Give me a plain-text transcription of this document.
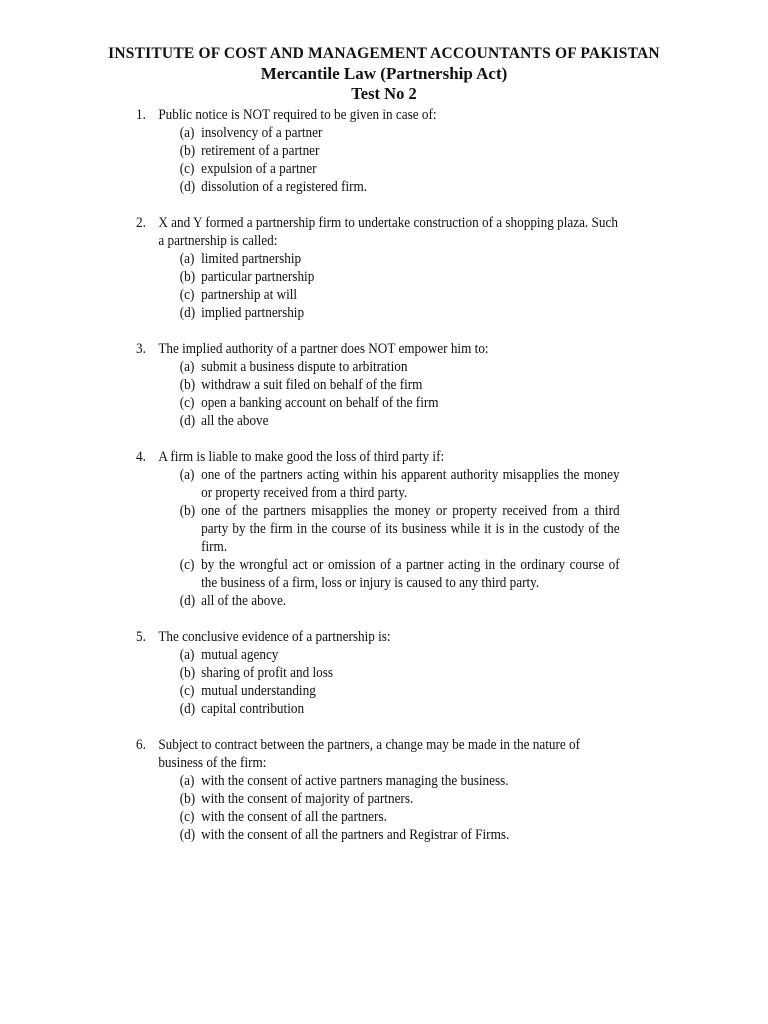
INSTITUTE OF COST AND MANAGEMENT ACCOUNTANTS OF PAKISTAN
Mercantile Law (Partnership Act)
Test No 2
1. Public notice is NOT required to be given in case of:
(a) insolvency of a partner
(b) retirement of a partner
(c) expulsion of a partner
(d) dissolution of a registered firm.
2. X and Y formed a partnership firm to undertake construction of a shopping plaza. Such a partnership is called:
(a) limited partnership
(b) particular partnership
(c) partnership at will
(d) implied partnership
3. The implied authority of a partner does NOT empower him to:
(a) submit a business dispute to arbitration
(b) withdraw a suit filed on behalf of the firm
(c) open a banking account on behalf of the firm
(d) all the above
4. A firm is liable to make good the loss of third party if:
(a) one of the partners acting within his apparent authority misapplies the money or property received from a third party.
(b) one of the partners misapplies the money or property received from a third party by the firm in the course of its business while it is in the custody of the firm.
(c) by the wrongful act or omission of a partner acting in the ordinary course of the business of a firm, loss or injury is caused to any third party.
(d) all of the above.
5. The conclusive evidence of a partnership is:
(a) mutual agency
(b) sharing of profit and loss
(c) mutual understanding
(d) capital contribution
6. Subject to contract between the partners, a change may be made in the nature of business of the firm:
(a) with the consent of active partners managing the business.
(b) with the consent of majority of partners.
(c) with the consent of all the partners.
(d) with the consent of all the partners and Registrar of Firms.
